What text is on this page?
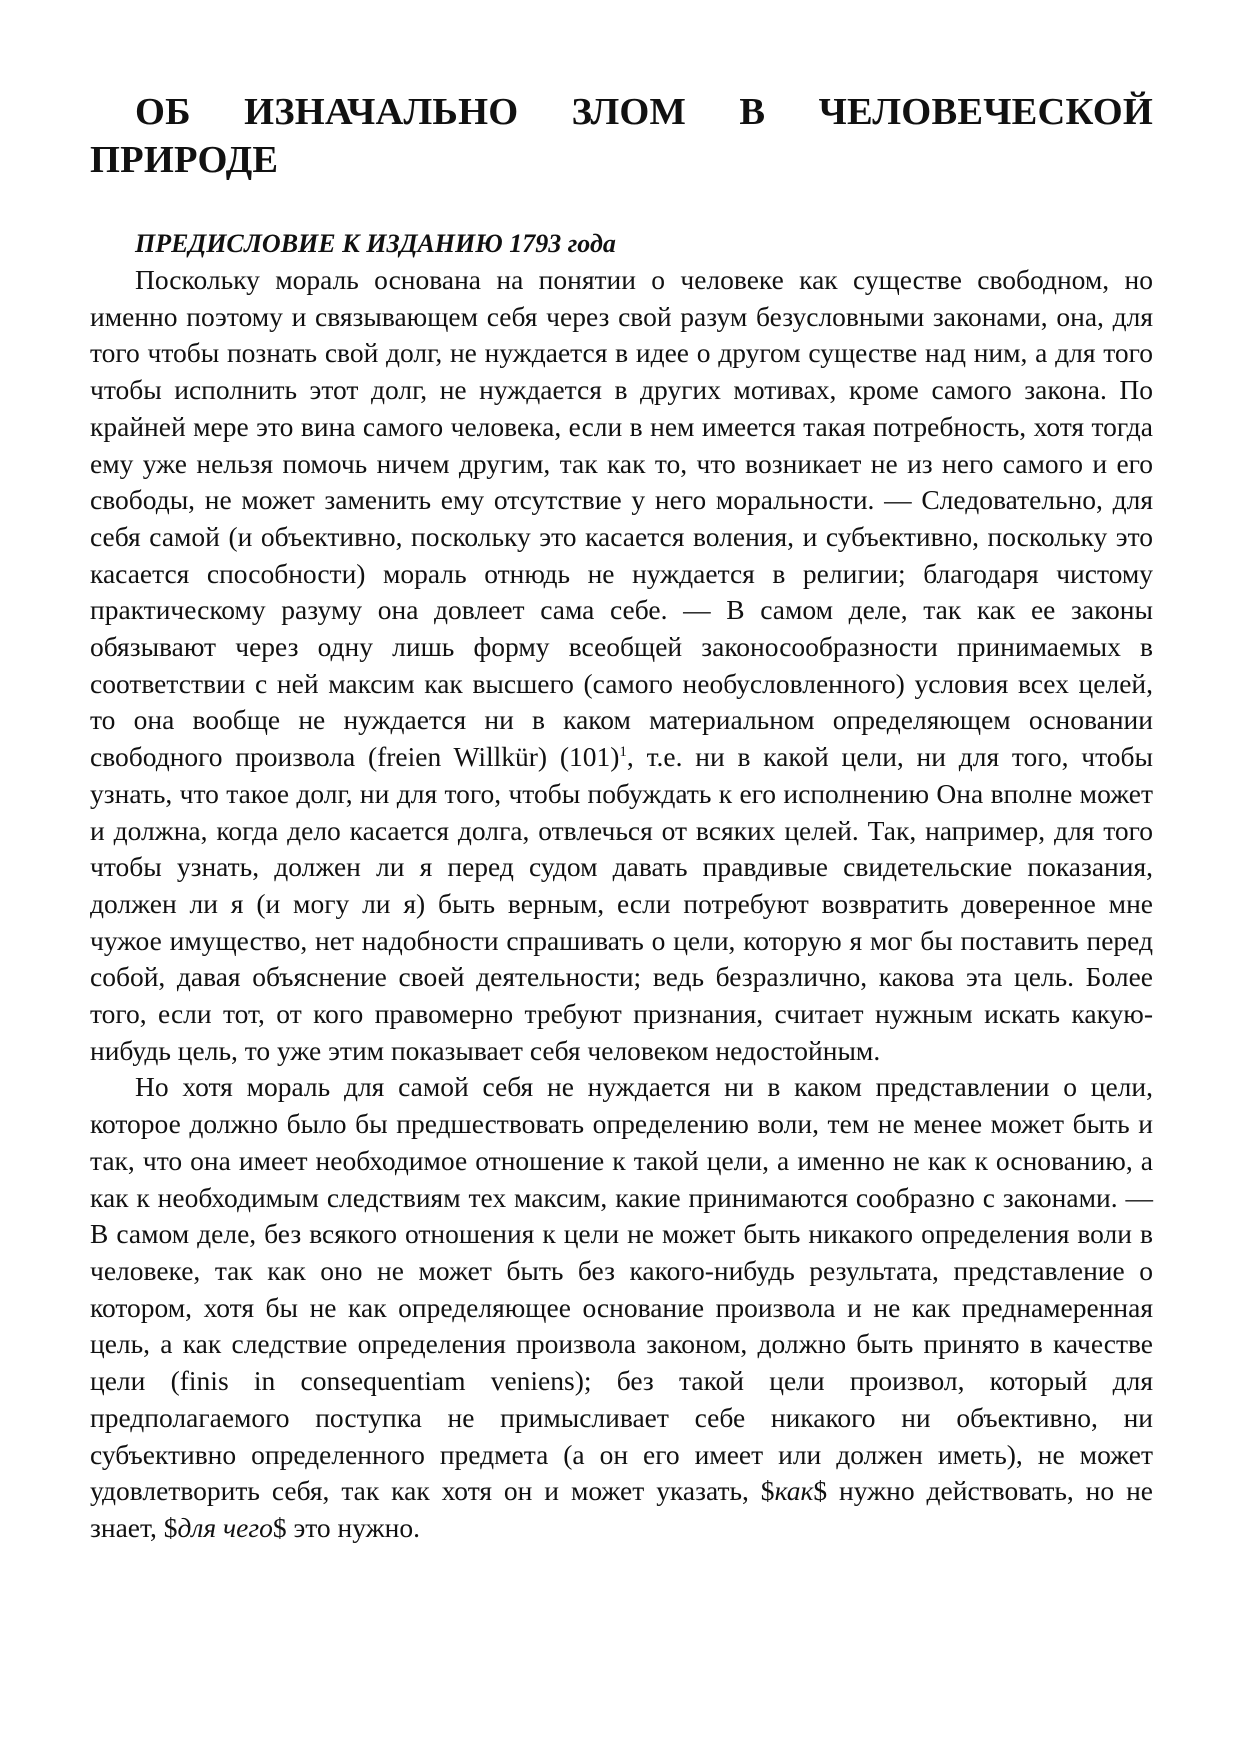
ОБ ИЗНАЧАЛЬНО ЗЛОМ В ЧЕЛОВЕЧЕСКОЙ
ПРИРОДЕ
ПРЕДИСЛОВИЕ К ИЗДАНИЮ 1793 года

Поскольку мораль основана на понятии о человеке как существе свободном, но именно поэтому и связывающем себя через свой разум безусловными законами, она, для того чтобы познать свой долг, не нуждается в идее о другом существе над ним, а для того чтобы исполнить этот долг, не нуждается в других мотивах, кроме самого закона. По крайней мере это вина самого человека, если в нем имеется такая потребность, хотя тогда ему уже нельзя помочь ничем другим, так как то, что возникает не из него самого и его свободы, не может заменить ему отсутствие у него моральности. — Следовательно, для себя самой (и объективно, поскольку это касается воления, и субъективно, поскольку это касается способности) мораль отнюдь не нуждается в религии; благодаря чистому практическому разуму она довлеет сама себе. — В самом деле, так как ее законы обязывают через одну лишь форму всеобщей законосообразности принимаемых в соответствии с ней максим как высшего (самого необусловленного) условия всех целей, то она вообще не нуждается ни в каком материальном определяющем основании свободного произвола (freien Willkür) $(101)^1$, т.е. ни в какой цели, ни для того, чтобы узнать, что такое долг, ни для того, чтобы побуждать к его исполнению Она вполне может и должна, когда дело касается долга, отвлечься от всяких целей. Так, например, для того чтобы узнать, должен ли я перед судом давать правдивые свидетельские показания, должен ли я (и могу ли я) быть верным, если потребуют возвратить доверенное мне чужое имущество, нет надобности спрашивать о цели, которую я мог бы поставить перед собой, давая объяснение своей деятельности; ведь безразлично, какова эта цель. Более того, если тот, от кого правомерно требуют признания, считает нужным искать какую-нибудь цель, то уже этим показывает себя человеком недостойным.

Но хотя мораль для самой себя не нуждается ни в каком представлении о цели, которое должно было бы предшествовать определению воли, тем не менее может быть и так, что она имеет необходимое отношение к такой цели, а именно не как к основанию, а как к необходимым следствиям тех максим, какие принимаются сообразно с законами. — В самом деле, без всякого отношения к цели не может быть никакого определения воли в человеке, так как оно не может быть без какого-нибудь результата, представление о котором, хотя бы не как определяющее основание произвола и не как преднамеренная цель, а как следствие определения произвола законом, должно быть принято в качестве цели (finis in consequentiam veniens); без такой цели произвол, который для предполагаемого поступка не примысливает себе никакого ни объективно, ни субъективно определенного предмета (а он его имеет или должен иметь), не может удовлетворить себя, так как хотя он и может указать, $как$ нужно действовать, но не знает, $для чего$ это нужно.
